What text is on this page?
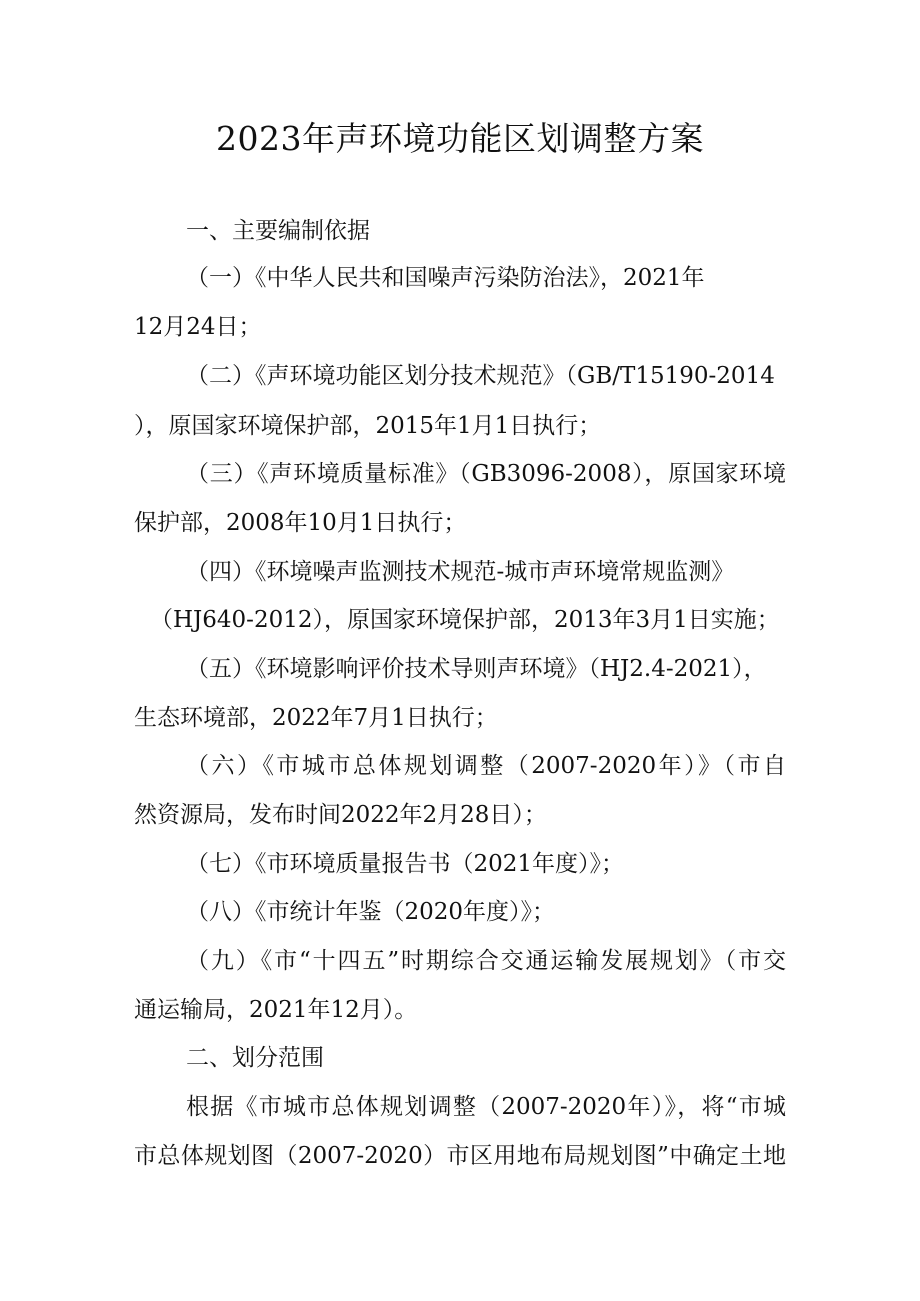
2023年声环境功能区划调整方案
一、主要编制依据
（一）《中华人民共和国噪声污染防治法》，2021年
12月24日；
（二）《声环境功能区划分技术规范》（GB/T15190-2014
），原国家环境保护部，2015年1月1日执行；
（三）《声环境质量标准》（GB3096-2008），原国家环境
保护部，2008年10月1日执行；
（四）《环境噪声监测技术规范-城市声环境常规监测》
（HJ640-2012），原国家环境保护部，2013年3月1日实施；
（五）《环境影响评价技术导则声环境》（HJ2.4-2021），
生态环境部，2022年7月1日执行；
（六）《市城市总体规划调整（2007-2020年）》（市自
然资源局，发布时间2022年2月28日）；
（七）《市环境质量报告书（2021年度）》；
（八）《市统计年鉴（2020年度）》；
（九）《市“十四五”时期综合交通运输发展规划》（市交
通运输局，2021年12月）。
二、划分范围
根据《市城市总体规划调整（2007-2020年）》，将“市城
市总体规划图（2007-2020）市区用地布局规划图”中确定土地
